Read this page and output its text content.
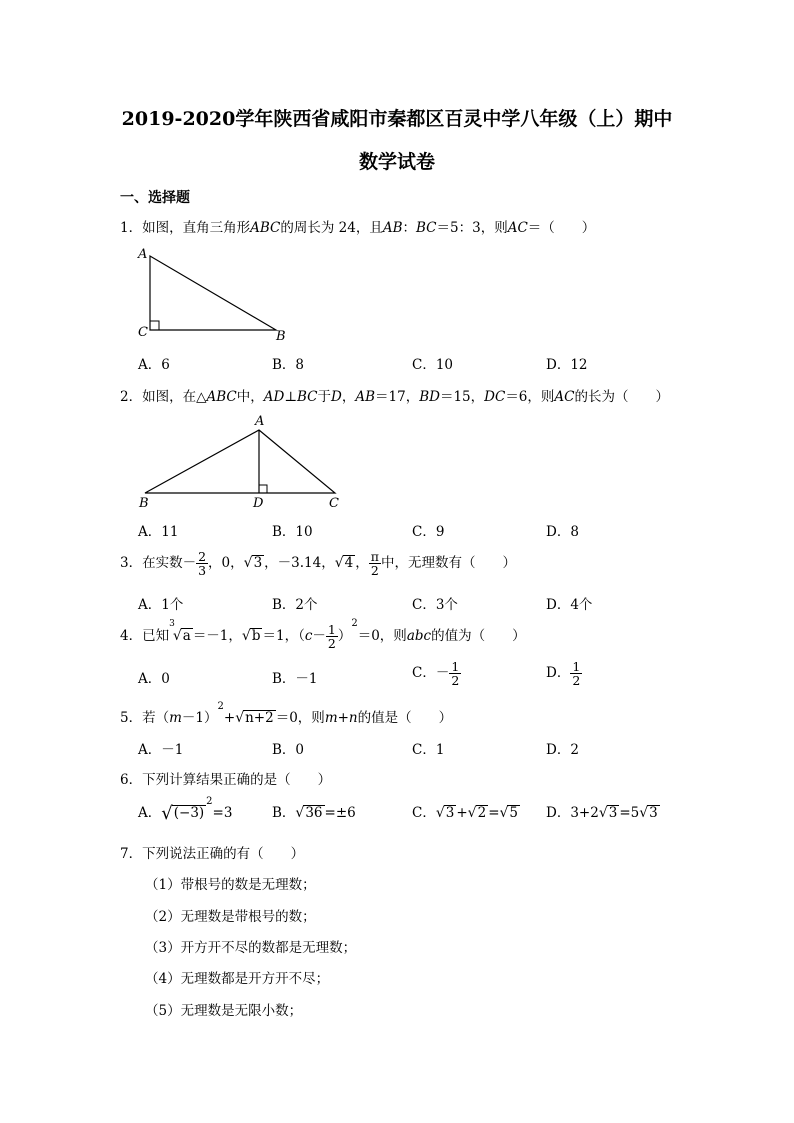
2019-2020学年陕西省咸阳市秦都区百灵中学八年级（上）期中
数学试卷
一、选择题
1．如图，直角三角形ABC的周长为 24，且AB：BC＝5：3，则AC＝（　　）
A
C	B
A．6	B．8	C．10	D．12
2．如图，在△ABC中，AD⊥BC于D，AB＝17，BD＝15，DC＝6，则AC的长为（　　）
A
B	D	C
A．11	B．10	C．9	D．8
3．在实数－ $\frac{2}{3}$ ，0，√3 ，－3.14，√4 ， $\frac{\pi}{2}$ 中，无理数有（　　）
A．1个	B．2个	C．3个	D．4个
4．已知$^3$√a ＝－1，√b ＝1，$(c- \frac{1}{2} )^2=0$，则abc的值为（　　）
A．0	B．－1	C．－ $\frac{1}{2}$	D． $\frac{1}{2}$
5．若$(m-1)^2+√n+2 =0$，则m+n的值是（　　）
A．－1	B．0	C．1	D．2
6．下列计算结果正确的是（　　）
A．$√(-3)^2=3$	B．√36 =±6	C．√3 +√2 =√5 D．3+2√3 =5√3
7．下列说法正确的有（　　）
（1）带根号的数是无理数；
（2）无理数是带根号的数；
（3）开方开不尽的数都是无理数；
（4）无理数都是开方开不尽；
（5）无理数是无限小数；
